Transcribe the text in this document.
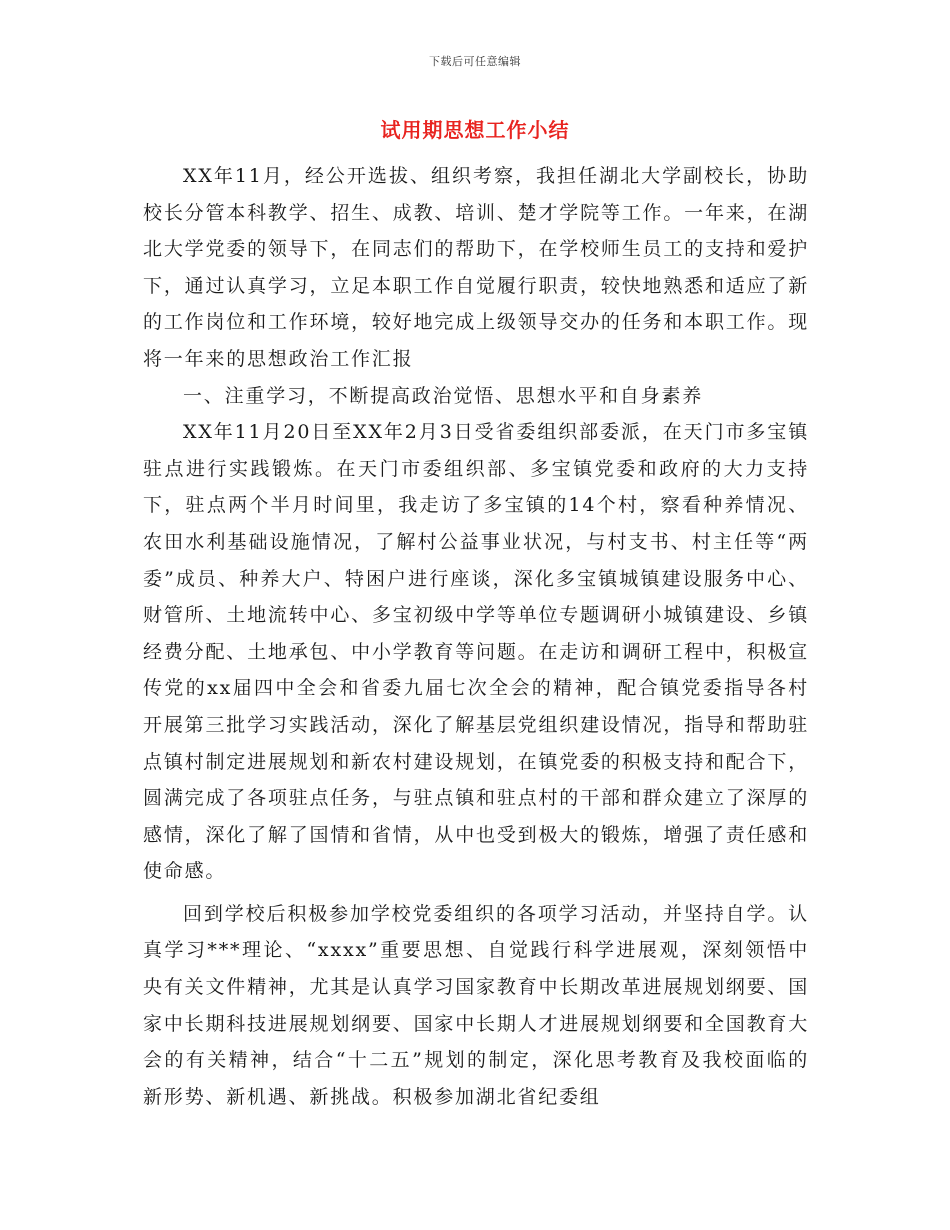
下载后可任意编辑
试用期思想工作小结

XX年11月，经公开选拔、组织考察，我担任湖北大学副校长，协助校长分管本科教学、招生、成教、培训、楚才学院等工作。一年来，在湖北大学党委的领导下，在同志们的帮助下，在学校师生员工的支持和爱护下，通过认真学习，立足本职工作自觉履行职责，较快地熟悉和适应了新的工作岗位和工作环境，较好地完成上级领导交办的任务和本职工作。现将一年来的思想政治工作汇报

一、注重学习，不断提高政治觉悟、思想水平和自身素养

XX年11月20日至XX年2月3日受省委组织部委派，在天门市多宝镇驻点进行实践锻炼。在天门市委组织部、多宝镇党委和政府的大力支持下，驻点两个半月时间里，我走访了多宝镇的14个村，察看种养情况、农田水利基础设施情况，了解村公益事业状况，与村支书、村主任等“两委”成员、种养大户、特困户进行座谈，深化多宝镇城镇建设服务中心、财管所、土地流转中心、多宝初级中学等单位专题调研小城镇建设、乡镇经费分配、土地承包、中小学教育等问题。在走访和调研工程中，积极宣传党的xx届四中全会和省委九届七次全会的精神，配合镇党委指导各村开展第三批学习实践活动，深化了解基层党组织建设情况，指导和帮助驻点镇村制定进展规划和新农村建设规划，在镇党委的积极支持和配合下，圆满完成了各项驻点任务，与驻点镇和驻点村的干部和群众建立了深厚的感情，深化了解了国情和省情，从中也受到极大的锻炼，增强了责任感和使命感。

回到学校后积极参加学校党委组织的各项学习活动，并坚持自学。认真学习***理论、“xxxx”重要思想、自觉践行科学进展观，深刻领悟中央有关文件精神，尤其是认真学习国家教育中长期改革进展规划纲要、国家中长期科技进展规划纲要、国家中长期人才进展规划纲要和全国教育大会的有关精神，结合“十二五”规划的制定，深化思考教育及我校面临的新形势、新机遇、新挑战。积极参加湖北省纪委组
